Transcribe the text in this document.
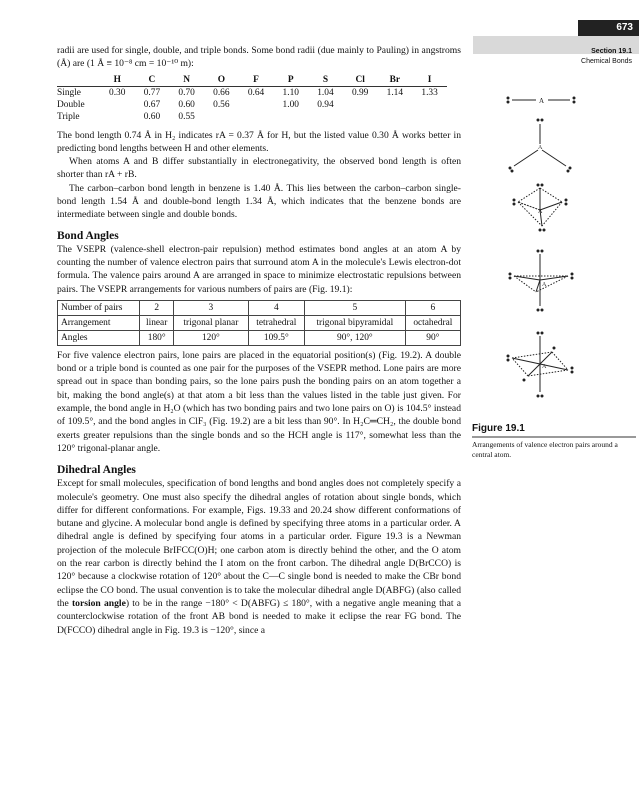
673
Section 19.1
Chemical Bonds

radii are used for single, double, and triple bonds. Some bond radii (due mainly to Pauling) in angstroms (Å) are (1 Å ≡ 10⁻⁸ cm = 10⁻¹⁰ m):

	H	C	N	O	F	P	S	Cl	Br	I
Single	0.30	0.77	0.70	0.66	0.64	1.10	1.04	0.99	1.14	1.33
Double		0.67	0.60	0.56		1.00	0.94			
Triple		0.60	0.55							

The bond length 0.74 Å in H₂ indicates rA = 0.37 Å for H, but the listed value 0.30 Å works better in predicting bond lengths between H and other elements.

When atoms A and B differ substantially in electronegativity, the observed bond length is often shorter than rA + rB.

The carbon–carbon bond length in benzene is 1.40 Å. This lies between the carbon–carbon single-bond length 1.54 Å and double-bond length 1.34 Å, which indicates that the benzene bonds are intermediate between single and double bonds.

Bond Angles

The VSEPR (valence-shell electron-pair repulsion) method estimates bond angles at an atom A by counting the number of valence electron pairs that surround atom A in the molecule's Lewis electron-dot formula. The valence pairs around A are arranged in space to minimize electrostatic repulsions between pairs. The VSEPR arrangements for various numbers of pairs are (Fig. 19.1):

Number of pairs	2	3	4	5	6
Arrangement	linear	trigonal planar	tetrahedral	trigonal bipyramidal	octahedral
Angles	180°	120°	109.5°	90°, 120°	90°

For five valence electron pairs, lone pairs are placed in the equatorial position(s) (Fig. 19.2). A double bond or a triple bond is counted as one pair for the purposes of the VSEPR method. Lone pairs are more spread out in space than bonding pairs, so the lone pairs push the bonding pairs on an atom together a bit, making the bond angle(s) at that atom a bit less than the values listed in the table just given. For example, the bond angle in H₂O (which has two bonding pairs and two lone pairs on O) is 104.5° instead of 109.5°, and the bond angles in ClF₃ (Fig. 19.2) are a bit less than 90°. In H₂C═CH₂, the double bond exerts greater repulsions than the single bonds and so the HCH angle is 117°, somewhat less than the 120° trigonal-planar angle.

Dihedral Angles

Except for small molecules, specification of bond lengths and bond angles does not completely specify a molecule's geometry. One must also specify the dihedral angles of rotation about single bonds, which differ for different conformations. For example, Figs. 19.33 and 20.24 show different conformations of butane and glycine. A molecular bond angle is defined by specifying three atoms in a particular order. A dihedral angle is defined by specifying four atoms in a particular order. Figure 19.3 is a Newman projection of the molecule BrIFCC(O)H; one carbon atom is directly behind the other, and the O atom on the rear carbon is directly behind the I atom on the front carbon. The dihedral angle D(BrCCO) is 120° because a clockwise rotation of 120° about the C—C single bond is needed to make the CBr bond eclipse the CO bond. The usual convention is to take the molecular dihedral angle D(ABFG) (also called the torsion angle) to be in the range −180° < D(ABFG) ≤ 180°, with a negative angle meaning that a counterclockwise rotation of the front AB bond is needed to make it eclipse the rear FG bond. The D(FCCO) dihedral angle in Fig. 19.3 is −120°, since a

A
A
A
A
A
Figure 19.1
Arrangements of valence electron pairs around a central atom.
